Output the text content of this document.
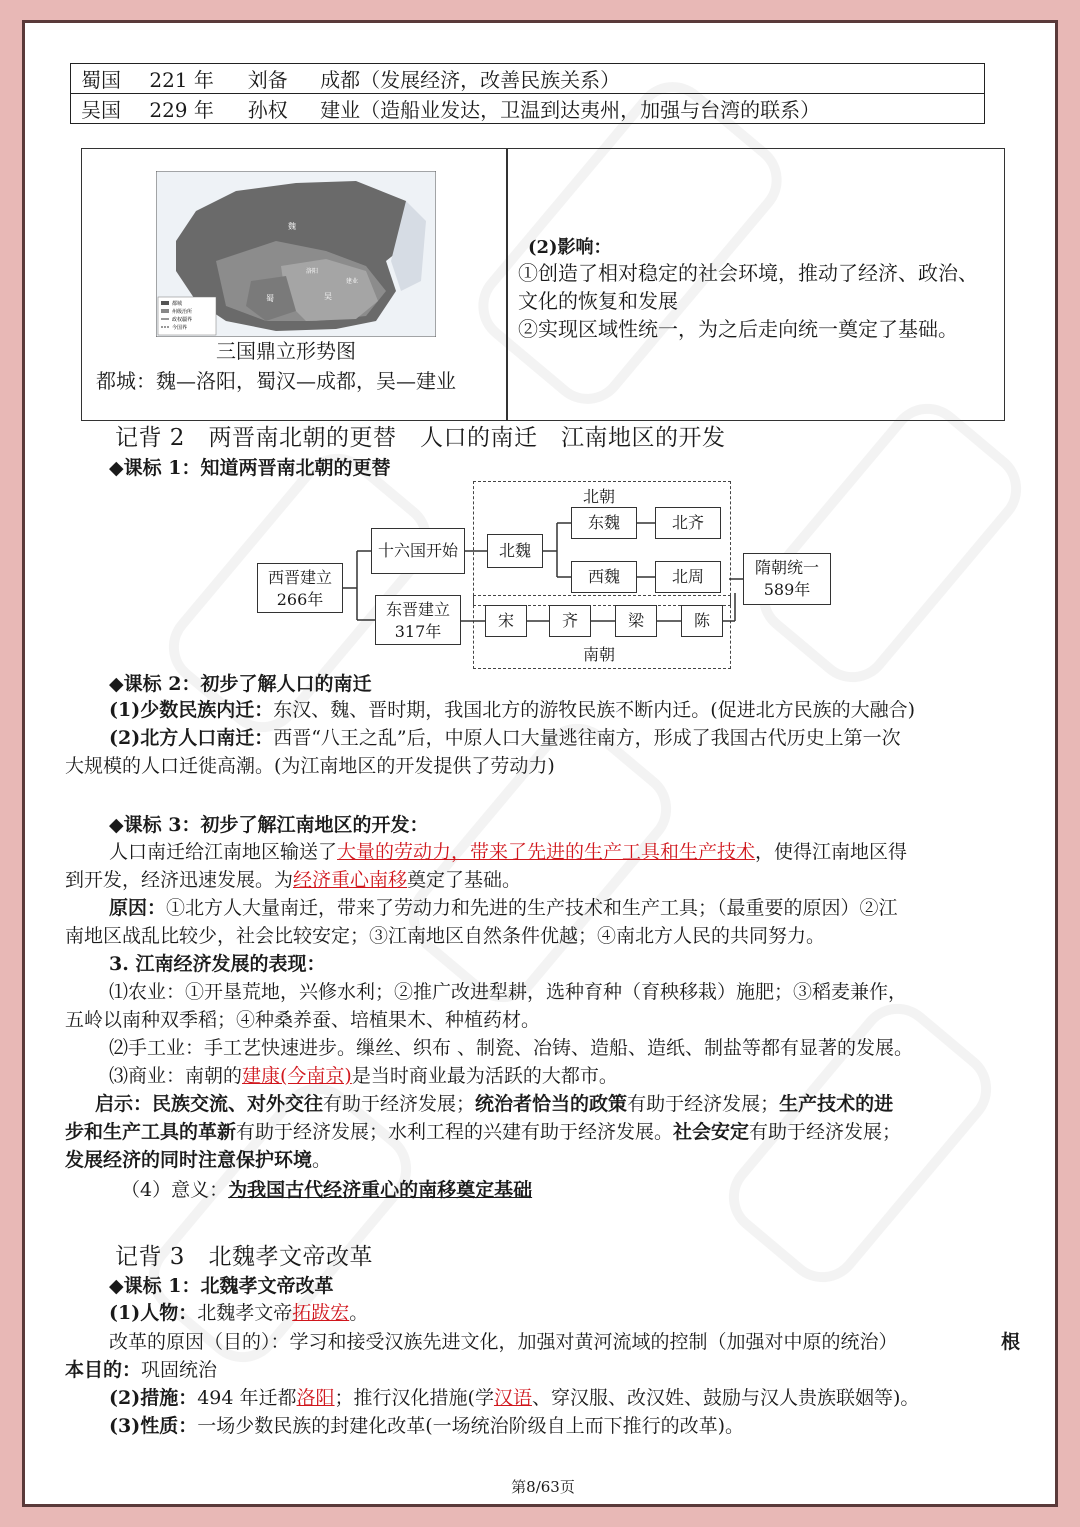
蜀国 221 年 刘备 成都（发展经济，改善民族关系）
吴国 229 年 孙权 建业（造船业发达，卫温到达夷州，加强与台湾的联系）
魏
蜀	吴
洛阳
建业
都城
州级治所
政权疆界
今国界
三国鼎立形势图
都城：魏—洛阳，蜀汉—成都，吴—建业
(2)影响：
①创造了相对稳定的社会环境，推动了经济、政治、
文化的恢复和发展
②实现区域性统一，为之后走向统一奠定了基础。
记背 2　两晋南北朝的更替　人口的南迁　江南地区的开发
◆课标 1：知道两晋南北朝的更替
北朝
南朝
西晋建立
266年
十六国开始
东晋建立
317年
北魏
东魏	北齐
西魏	北周	隋朝统一
589年
宋	齐	梁	陈
◆课标 2：初步了解人口的南迁
(1)少数民族内迁：东汉、魏、晋时期，我国北方的游牧民族不断内迁。(促进北方民族的大融合)
(2)北方人口南迁：西晋“八王之乱”后，中原人口大量逃往南方，形成了我国古代历史上第一次
大规模的人口迁徙高潮。(为江南地区的开发提供了劳动力)
◆课标 3：初步了解江南地区的开发：
人口南迁给江南地区输送了大量的劳动力，带来了先进的生产工具和生产技术，使得江南地区得
到开发，经济迅速发展。为经济重心南移奠定了基础。
原因：①北方人大量南迁，带来了劳动力和先进的生产技术和生产工具；（最重要的原因）②江
南地区战乱比较少，社会比较安定；③江南地区自然条件优越；④南北方人民的共同努力。
3. 江南经济发展的表现：
⑴农业：①开垦荒地，兴修水利；②推广改进犁耕，选种育种（育秧移栽）施肥；③稻麦兼作，
五岭以南种双季稻；④种桑养蚕、培植果木、种植药材。
⑵手工业：手工艺快速进步。缫丝、织布 、制瓷、冶铸、造船、造纸、制盐等都有显著的发展。
⑶商业：南朝的建康(今南京)是当时商业最为活跃的大都市。
启示：民族交流、对外交往有助于经济发展；统治者恰当的政策有助于经济发展；生产技术的进
步和生产工具的革新有助于经济发展；水利工程的兴建有助于经济发展。社会安定有助于经济发展；
发展经济的同时注意保护环境。
（4）意义：为我国古代经济重心的南移奠定基础
记背 3　北魏孝文帝改革
◆课标 1：北魏孝文帝改革
(1)人物：北魏孝文帝拓跋宏。
改革的原因（目的）：学习和接受汉族先进文化，加强对黄河流域的控制（加强对中原的统治）	根
本目的：巩固统治
(2)措施：494 年迁都洛阳；推行汉化措施(学汉语、穿汉服、改汉姓、鼓励与汉人贵族联姻等)。
(3)性质：一场少数民族的封建化改革(一场统治阶级自上而下推行的改革)。
第8/63页
